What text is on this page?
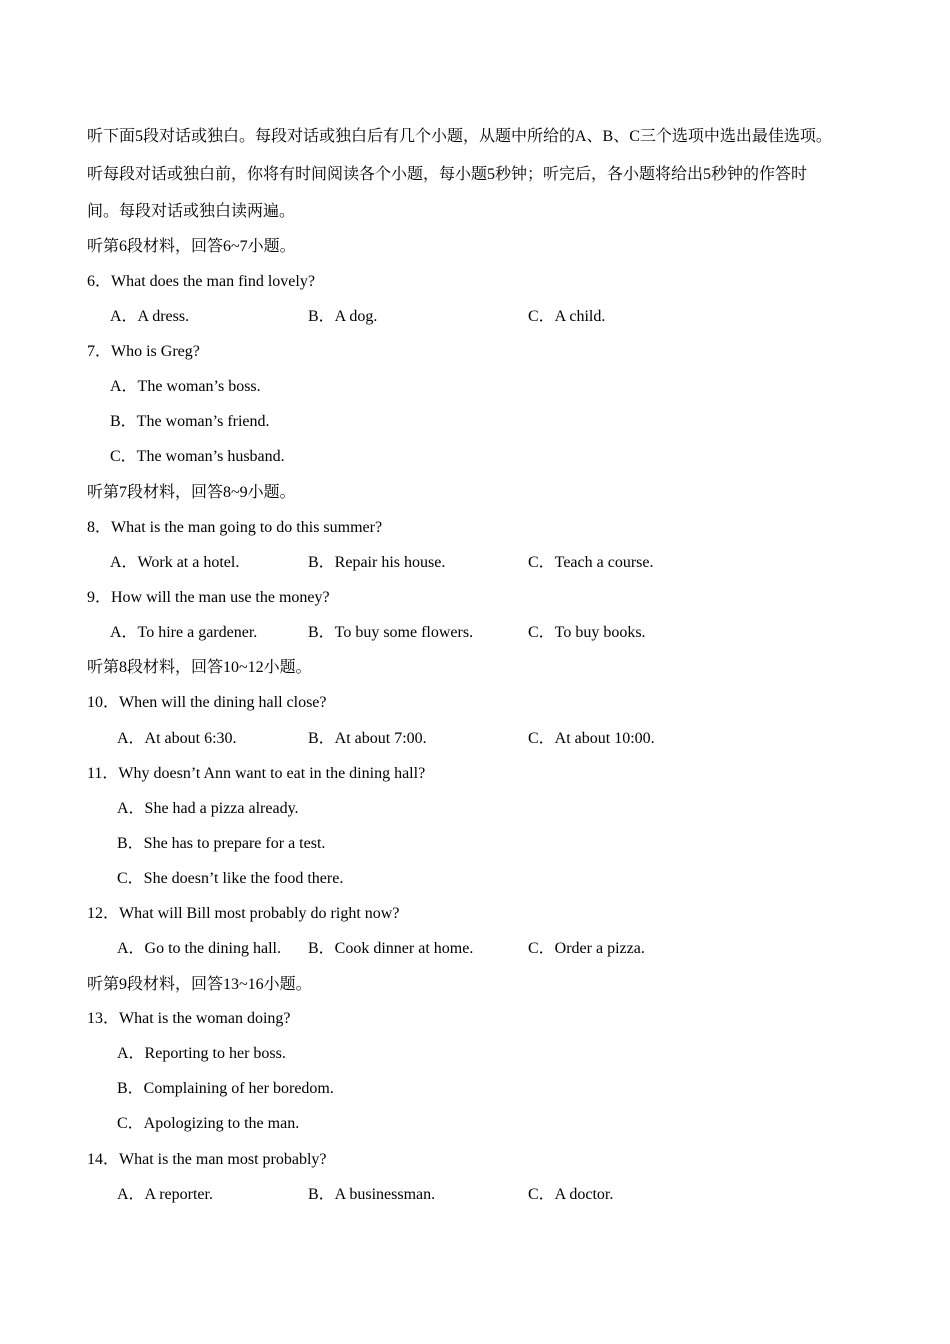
听下面5段对话或独白。每段对话或独白后有几个小题，从题中所给的A、B、C三个选项中选出最佳选项。
听每段对话或独白前，你将有时间阅读各个小题，每小题5秒钟；听完后，各小题将给出5秒钟的作答时
间。每段对话或独白读两遍。
听第6段材料，回答6~7小题。
6．What does the man find lovely?
A．A dress.	B．A dog.	C．A child.
7．Who is Greg?
A．The woman’s boss.
B．The woman’s friend.
C．The woman’s husband.
听第7段材料，回答8~9小题。
8．What is the man going to do this summer?
A．Work at a hotel.	B．Repair his house.	C．Teach a course.
9．How will the man use the money?
A．To hire a gardener.	B．To buy some flowers.	C．To buy books.
听第8段材料，回答10~12小题。
10．When will the dining hall close?
A．At about 6:30.	B．At about 7:00.	C．At about 10:00.
11．Why doesn’t Ann want to eat in the dining hall?
A．She had a pizza already.
B．She has to prepare for a test.
C．She doesn’t like the food there.
12．What will Bill most probably do right now?
A．Go to the dining hall. B．Cook dinner at home.	C．Order a pizza.
听第9段材料，回答13~16小题。
13．What is the woman doing?
A．Reporting to her boss.
B．Complaining of her boredom.
C．Apologizing to the man.
14．What is the man most probably?
A．A reporter.	B．A businessman.	C．A doctor.
